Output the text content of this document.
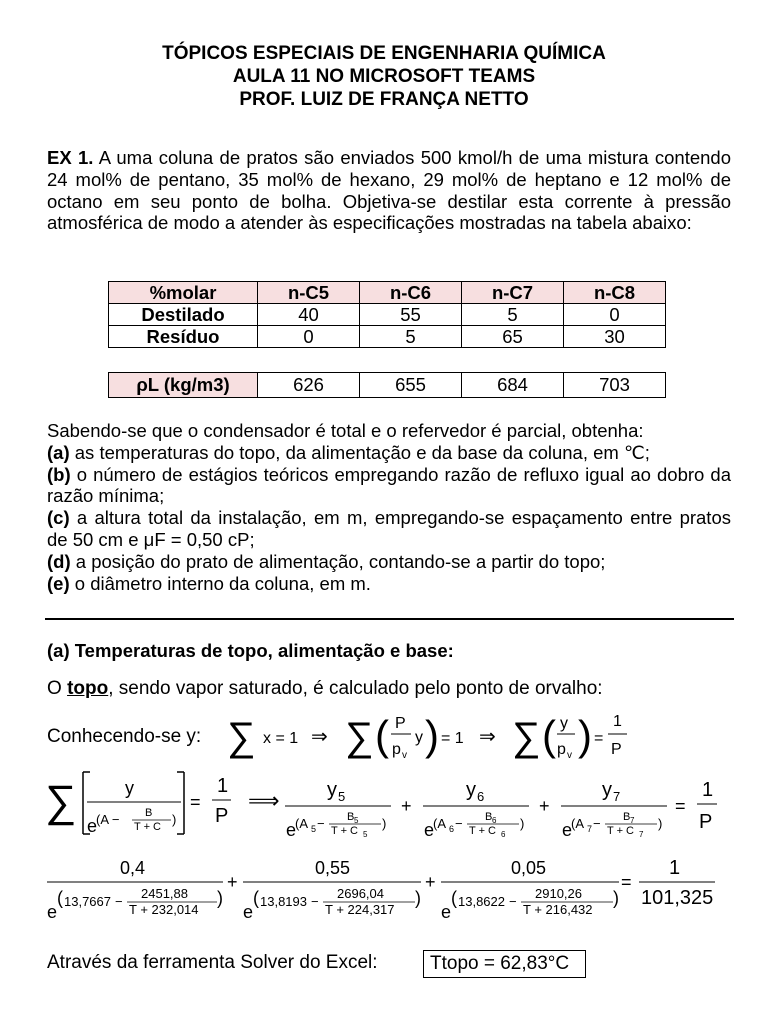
TÓPICOS ESPECIAIS DE ENGENHARIA QUÍMICA
AULA 11 NO MICROSOFT TEAMS
PROF. LUIZ DE FRANÇA NETTO
EX 1. A uma coluna de pratos são enviados 500 kmol/h de uma mistura contendo 24 mol% de pentano, 35 mol% de hexano, 29 mol% de heptano e 12 mol% de octano em seu ponto de bolha. Objetiva-se destilar esta corrente à pressão atmosférica de modo a atender às especificações mostradas na tabela abaixo:
%molar	n-C5	n-C6	n-C7	n-C8
Destilado	40	55	5	0
Resíduo	0	5	65	30
ρL (kg/m3)	626	655	684	703
Sabendo-se que o condensador é total e o refervedor é parcial, obtenha:
(a) as temperaturas do topo, da alimentação e da base da coluna, em ℃;
(b) o número de estágios teóricos empregando razão de refluxo igual ao dobro da razão mínima;
(c) a altura total da instalação, em m, empregando-se espaçamento entre pratos de 50 cm e μF = 0,50 cP;
(d) a posição do prato de alimentação, contando-se a partir do topo;
(e) o diâmetro interno da coluna, em m.
(a) Temperaturas de topo, alimentação e base:
O topo, sendo vapor saturado, é calculado pelo ponto de orvalho:
Conhecendo-se y: ∑ x = 1 ⇒ ∑ ( P
p v
y ) = 1 ⇒ ∑ ( y
p v ) =
1
P
∑	y
e
(A − B
T + C )
=
1
P
⟹ y 5
e
(A 5 − B 5
T + C 5
)
+
y 6
e
(A 6 − B 6
T + C 6
)
+
y 7
e
(A 7 − B 7
T + C 7
)
=
1
P
0,4
e
( 13,7667 −
2451,88
T + 232,014
)
+
0,55
e
( 13,8193 −
2696,04
T + 224,317
)
+
0,05
e
( 13,8622 −
2910,26
T + 216,432
)
=
1
101,325
Através da ferramenta Solver do Excel:	Ttopo = 62,83°C
